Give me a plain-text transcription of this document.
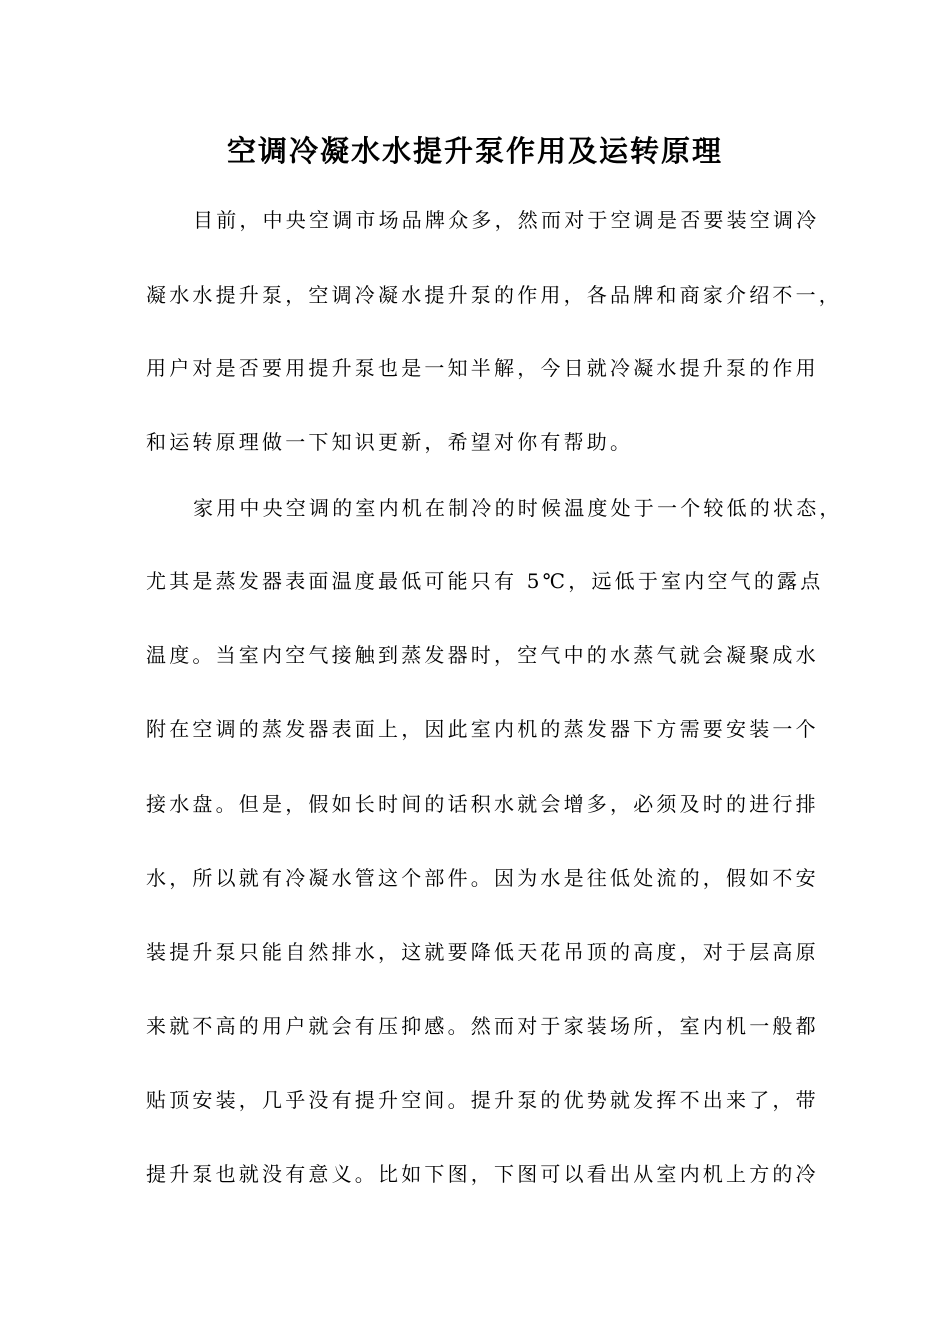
空调冷凝水水提升泵作用及运转原理

目前，中央空调市场品牌众多，然而对于空调是否要装空调冷

凝水水提升泵，空调冷凝水提升泵的作用，各品牌和商家介绍不一，

用户对是否要用提升泵也是一知半解，今日就冷凝水提升泵的作用

和运转原理做一下知识更新，希望对你有帮助。

家用中央空调的室内机在制冷的时候温度处于一个较低的状态，

尤其是蒸发器表面温度最低可能只有 5℃，远低于室内空气的露点

温度。当室内空气接触到蒸发器时，空气中的水蒸气就会凝聚成水

附在空调的蒸发器表面上，因此室内机的蒸发器下方需要安装一个

接水盘。但是，假如长时间的话积水就会增多，必须及时的进行排

水，所以就有冷凝水管这个部件。因为水是往低处流的，假如不安

装提升泵只能自然排水，这就要降低天花吊顶的高度，对于层高原

来就不高的用户就会有压抑感。然而对于家装场所，室内机一般都

贴顶安装，几乎没有提升空间。提升泵的优势就发挥不出来了，带

提升泵也就没有意义。比如下图，下图可以看出从室内机上方的冷
